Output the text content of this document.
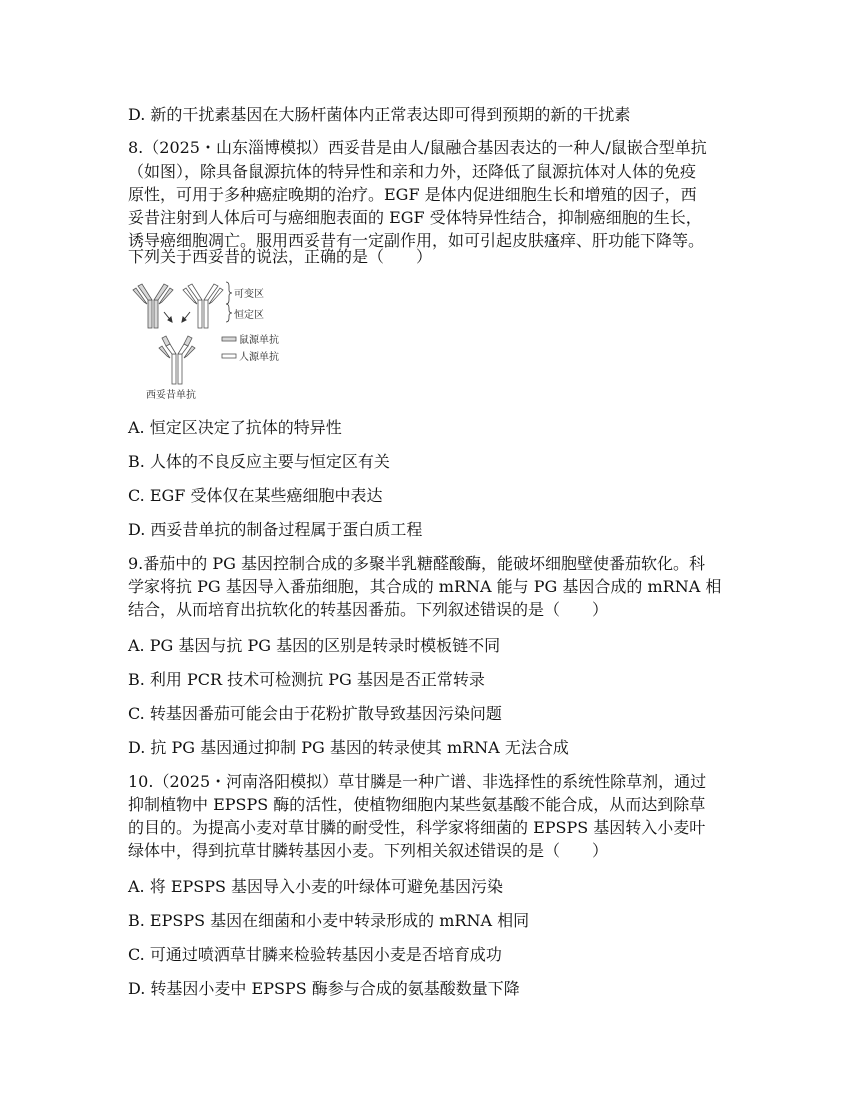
D. 新的干扰素基因在大肠杆菌体内正常表达即可得到预期的新的干扰素
8.（2025・山东淄博模拟）西妥昔是由人/鼠融合基因表达的一种人/鼠嵌合型单抗
（如图），除具备鼠源抗体的特异性和亲和力外，还降低了鼠源抗体对人体的免疫
原性，可用于多种癌症晚期的治疗。EGF 是体内促进细胞生长和增殖的因子，西
妥昔注射到人体后可与癌细胞表面的 EGF 受体特异性结合，抑制癌细胞的生长，
诱导癌细胞凋亡。服用西妥昔有一定副作用，如可引起皮肤瘙痒、肝功能下降等。
下列关于西妥昔的说法，正确的是（　　）
可变区
恒定区
鼠源单抗
人源单抗
西妥昔单抗
A. 恒定区决定了抗体的特异性
B. 人体的不良反应主要与恒定区有关
C. EGF 受体仅在某些癌细胞中表达
D. 西妥昔单抗的制备过程属于蛋白质工程
9.番茄中的 PG 基因控制合成的多聚半乳糖醛酸酶，能破坏细胞壁使番茄软化。科
学家将抗 PG 基因导入番茄细胞，其合成的 mRNA 能与 PG 基因合成的 mRNA 相
结合，从而培育出抗软化的转基因番茄。下列叙述错误的是（　　）
A. PG 基因与抗 PG 基因的区别是转录时模板链不同
B. 利用 PCR 技术可检测抗 PG 基因是否正常转录
C. 转基因番茄可能会由于花粉扩散导致基因污染问题
D. 抗 PG 基因通过抑制 PG 基因的转录使其 mRNA 无法合成
10.（2025・河南洛阳模拟）草甘膦是一种广谱、非选择性的系统性除草剂，通过
抑制植物中 EPSPS 酶的活性，使植物细胞内某些氨基酸不能合成，从而达到除草
的目的。为提高小麦对草甘膦的耐受性，科学家将细菌的 EPSPS 基因转入小麦叶
绿体中，得到抗草甘膦转基因小麦。下列相关叙述错误的是（　　）
A. 将 EPSPS 基因导入小麦的叶绿体可避免基因污染
B. EPSPS 基因在细菌和小麦中转录形成的 mRNA 相同
C. 可通过喷洒草甘膦来检验转基因小麦是否培育成功
D. 转基因小麦中 EPSPS 酶参与合成的氨基酸数量下降
